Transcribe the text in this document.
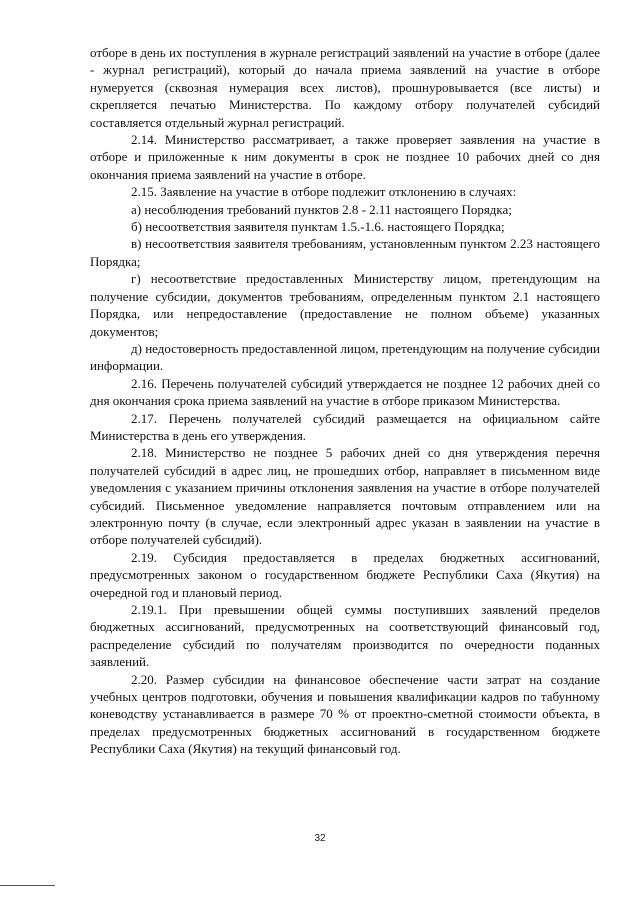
отборе в день их поступления в журнале регистраций заявлений на участие в отборе (далее - журнал регистраций), который до начала приема заявлений на участие в отборе нумеруется (сквозная нумерация всех листов), прошнуровывается (все листы) и скрепляется печатью Министерства. По каждому отбору получателей субсидий составляется отдельный журнал регистраций.

2.14. Министерство рассматривает, а также проверяет заявления на участие в отборе и приложенные к ним документы в срок не позднее 10 рабочих дней со дня окончания приема заявлений на участие в отборе.

2.15. Заявление на участие в отборе подлежит отклонению в случаях:

а) несоблюдения требований пунктов 2.8 - 2.11 настоящего Порядка;

б) несоответствия заявителя пунктам 1.5.-1.6. настоящего Порядка;

в) несоответствия заявителя требованиям, установленным пунктом 2.23 настоящего Порядка;

г) несоответствие предоставленных Министерству лицом, претендующим на получение субсидии, документов требованиям, определенным пунктом 2.1 настоящего Порядка, или непредоставление (предоставление не полном объеме) указанных документов;

д) недостоверность предоставленной лицом, претендующим на получение субсидии информации.

2.16. Перечень получателей субсидий утверждается не позднее 12 рабочих дней со дня окончания срока приема заявлений на участие в отборе приказом Министерства.

2.17. Перечень получателей субсидий размещается на официальном сайте Министерства в день его утверждения.

2.18. Министерство не позднее 5 рабочих дней со дня утверждения перечня получателей субсидий в адрес лиц, не прошедших отбор, направляет в письменном виде уведомления с указанием причины отклонения заявления на участие в отборе получателей субсидий. Письменное уведомление направляется почтовым отправлением или на электронную почту (в случае, если электронный адрес указан в заявлении на участие в отборе получателей субсидий).

2.19. Субсидия предоставляется в пределах бюджетных ассигнований, предусмотренных законом о государственном бюджете Республики Саха (Якутия) на очередной год и плановый период.

2.19.1. При превышении общей суммы поступивших заявлений пределов бюджетных ассигнований, предусмотренных на соответствующий финансовый год, распределение субсидий по получателям производится по очередности поданных заявлений.

2.20. Размер субсидии на финансовое обеспечение части затрат на создание учебных центров подготовки, обучения и повышения квалификации кадров по табунному коневодству устанавливается в размере 70 % от проектно-сметной стоимости объекта, в пределах предусмотренных бюджетных ассигнований в государственном бюджете Республики Саха (Якутия) на текущий финансовый год.

32
